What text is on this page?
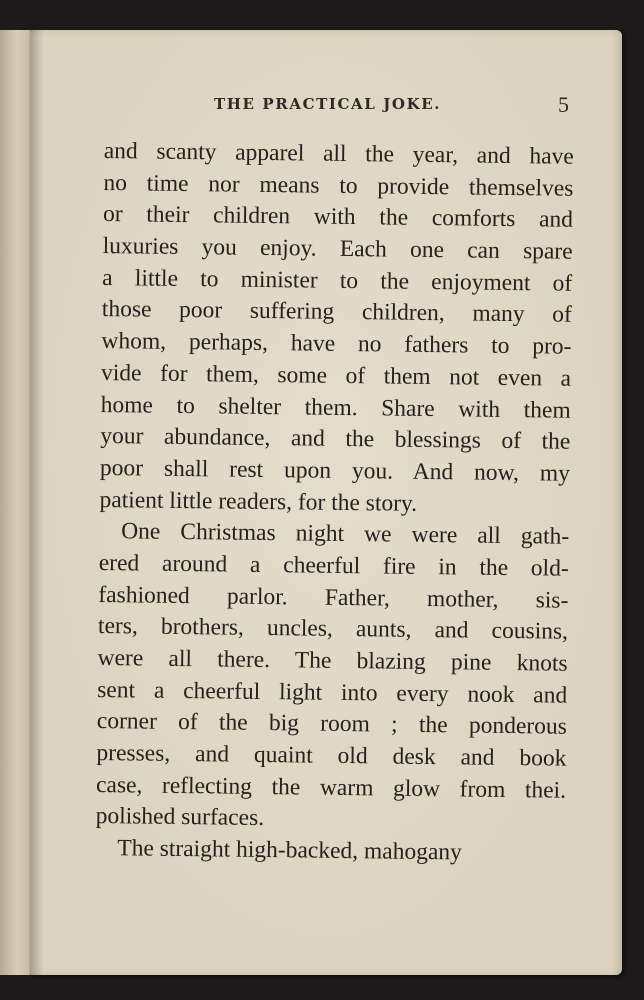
THE PRACTICAL JOKE.	5
and scanty apparel all the year, and have
no time nor means to provide themselves
or their children with the comforts and
luxuries you enjoy. Each one can spare
a little to minister to the enjoyment of
those poor suffering children, many of
whom, perhaps, have no fathers to pro-
vide for them, some of them not even a
home to shelter them. Share with them
your abundance, and the blessings of the
poor shall rest upon you. And now, my
patient little readers, for the story.
One Christmas night we were all gath-
ered around a cheerful fire in the old-
fashioned parlor. Father, mother, sis-
ters, brothers, uncles, aunts, and cousins,
were all there. The blazing pine knots
sent a cheerful light into every nook and
corner of the big room ; the ponderous
presses, and quaint old desk and book
case, reflecting the warm glow from thei.
polished surfaces.
The straight high-backed, mahogany
